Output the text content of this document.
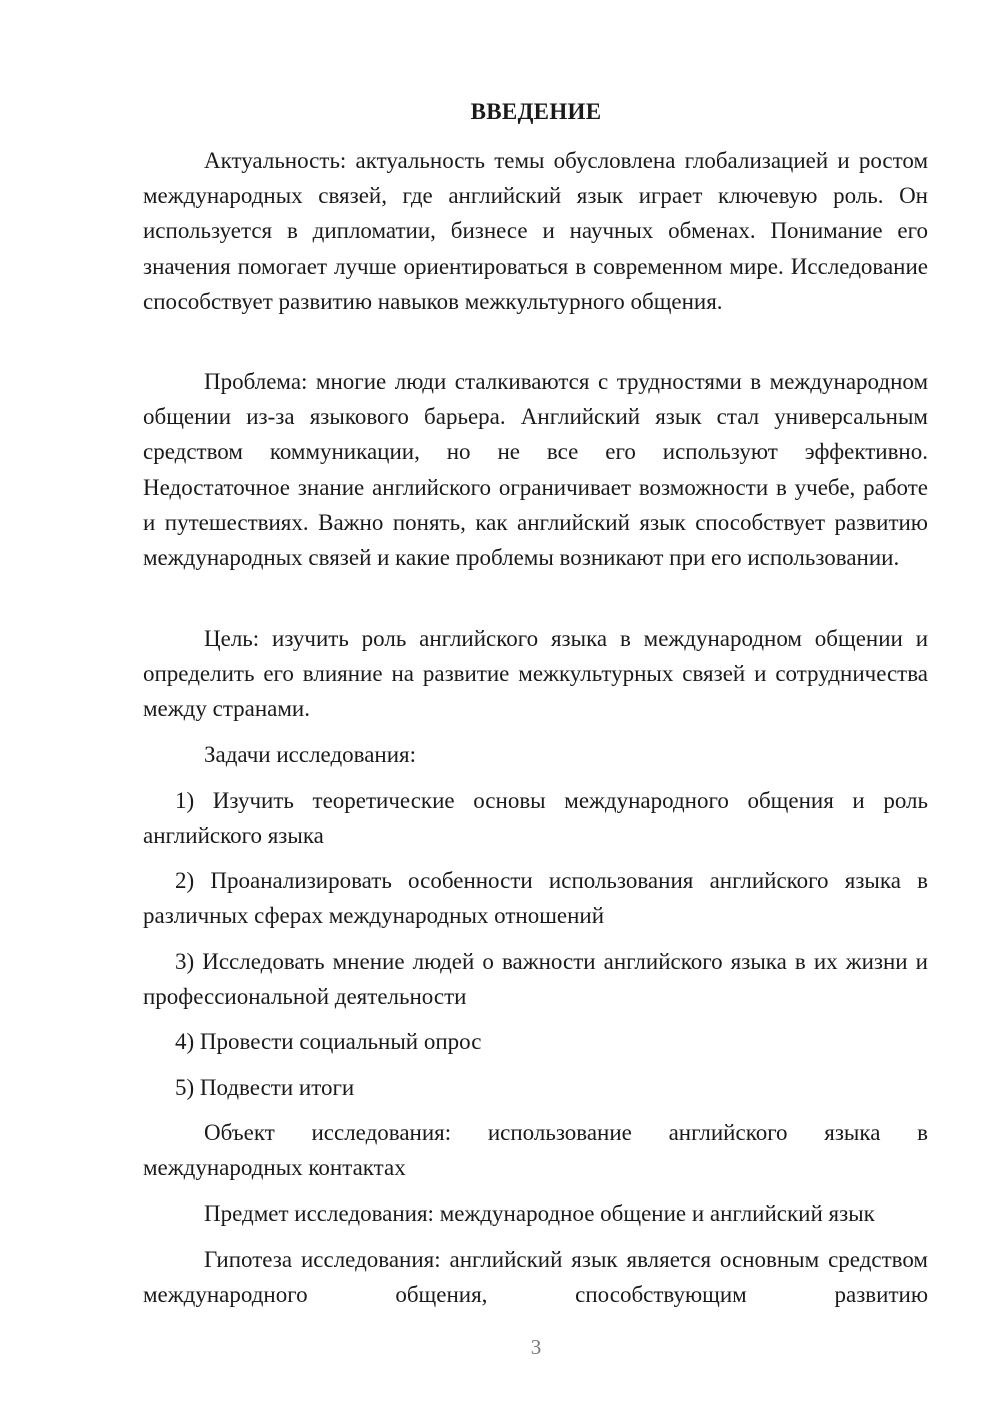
ВВЕДЕНИЕ

Актуальность: актуальность темы обусловлена глобализацией и ростом международных связей, где английский язык играет ключевую роль. Он используется в дипломатии, бизнесе и научных обменах. Понимание его значения помогает лучше ориентироваться в современном мире. Исследование способствует развитию навыков межкультурного общения.

Проблема: многие люди сталкиваются с трудностями в международном общении из-за языкового барьера. Английский язык стал универсальным средством коммуникации, но не все его используют эффективно. Недостаточное знание английского ограничивает возможности в учебе, работе и путешествиях. Важно понять, как английский язык способствует развитию международных связей и какие проблемы возникают при его использовании.

Цель: изучить роль английского языка в международном общении и определить его влияние на развитие межкультурных связей и сотрудничества между странами.

Задачи исследования:

1) Изучить теоретические основы международного общения и роль английского языка

2) Проанализировать особенности использования английского языка в различных сферах международных отношений

3) Исследовать мнение людей о важности английского языка в их жизни и профессиональной деятельности

4) Провести социальный опрос

5) Подвести итоги

Объект исследования: использование английского языка в международных контактах

Предмет исследования: международное общение и английский язык

Гипотеза исследования: английский язык является основным средством международного общения, способствующим развитию

3
